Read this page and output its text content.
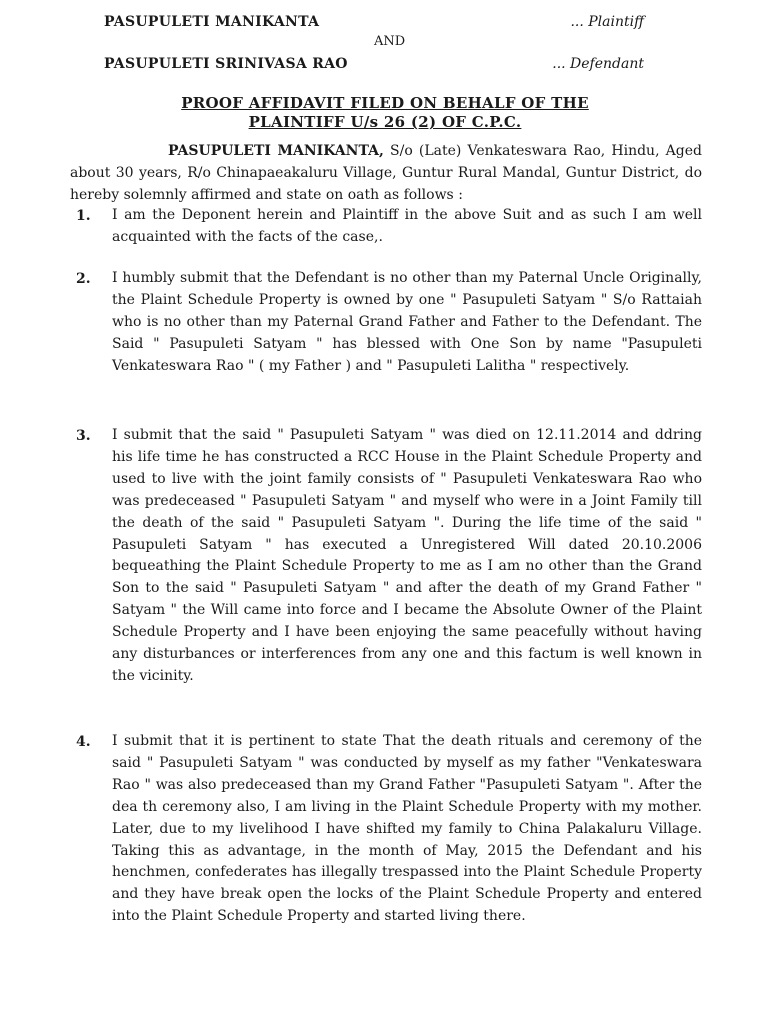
PASUPULETI MANIKANTA	... Plaintiff
AND
PASUPULETI SRINIVASA RAO	... Defendant
PROOF AFFIDAVIT FILED ON BEHALF OF THE
PLAINTIFF U/s 26 (2) OF C.P.C.
PASUPULETI MANIKANTA, S/o (Late) Venkateswara Rao, Hindu, Aged about 30 years, R/o Chinapaeakaluru Village, Guntur Rural Mandal, Guntur District, do hereby solemnly affirmed and state on oath as follows :
1.	I am the Deponent herein and Plaintiff in the above Suit and as such I am well acquainted with the facts of the case,.
2.	I humbly submit that the Defendant is no other than my Paternal Uncle Originally, the Plaint Schedule Property is owned by one " Pasupuleti Satyam " S/o Rattaiah who is no other than my Paternal Grand Father and Father to the Defendant. The Said " Pasupuleti Satyam " has blessed with One Son by name "Pasupuleti Venkateswara Rao " ( my Father ) and " Pasupuleti Lalitha " respectively.
3.	I submit that the said " Pasupuleti Satyam " was died on 12.11.2014 and ddring his life time he has constructed a RCC House in the Plaint Schedule Property and used to live with the joint family consists of " Pasupuleti Venkateswara Rao who was predeceased " Pasupuleti Satyam " and myself who were in a Joint Family till the death of the said " Pasupuleti Satyam ". During the life time of the said " Pasupuleti Satyam " has executed a Unregistered Will dated 20.10.2006 bequeathing the Plaint Schedule Property to me as I am no other than the Grand Son to the said " Pasupuleti Satyam " and after the death of my Grand Father " Satyam " the Will came into force and I became the Absolute Owner of the Plaint Schedule Property and I have been enjoying the same peacefully without having any disturbances or interferences from any one and this factum is well known in the vicinity.
4.	I submit that it is pertinent to state That the death rituals and ceremony of the said " Pasupuleti Satyam " was conducted by myself as my father "Venkateswara Rao " was also predeceased than my Grand Father "Pasupuleti Satyam ". After the dea th ceremony also, I am living in the Plaint Schedule Property with my mother. Later, due to my livelihood I have shifted my family to China Palakaluru Village. Taking this as advantage, in the month of May, 2015 the Defendant and his henchmen, confederates has illegally trespassed into the Plaint Schedule Property and they have break open the locks of the Plaint Schedule Property and entered into the Plaint Schedule Property and started living there.
